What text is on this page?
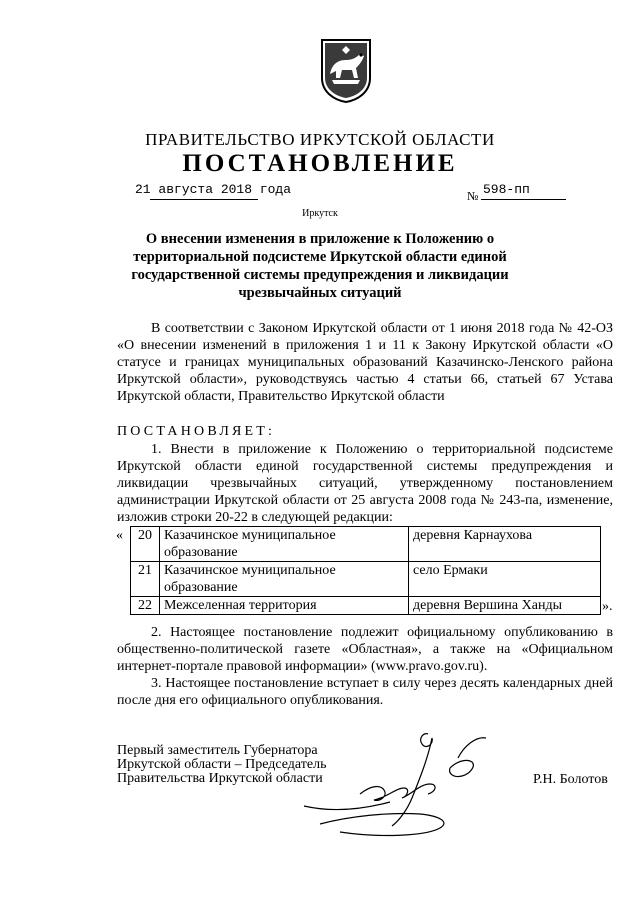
ПРАВИТЕЛЬСТВО ИРКУТСКОЙ ОБЛАСТИ
ПОСТАНОВЛЕНИЕ
21 августа 2018 года	№ 598-пп
Иркутск
О внесении изменения в приложение к Положению о территориальной подсистеме Иркутской области единой государственной системы предупреждения и ликвидации чрезвычайных ситуаций
В соответствии с Законом Иркутской области от 1 июня 2018 года № 42-ОЗ «О внесении изменений в приложения 1 и 11 к Закону Иркутской области «О статусе и границах муниципальных образований Казачинско-Ленского района Иркутской области», руководствуясь частью 4 статьи 66, статьей 67 Устава Иркутской области, Правительство Иркутской области
ПОСТАНОВЛЯЕТ:
1. Внести в приложение к Положению о территориальной подсистеме Иркутской области единой государственной системы предупреждения и ликвидации чрезвычайных ситуаций, утвержденному постановлением администрации Иркутской области от 25 августа 2008 года № 243-па, изменение, изложив строки 20-22 в следующей редакции:
« 20	Казачинское муниципальное образование	деревня Карнаухова
21	Казачинское муниципальное образование	село Ермаки
22	Межселенная территория	деревня Вершина Ханды	».
2. Настоящее постановление подлежит официальному опубликованию в общественно-политической газете «Областная», а также на «Официальном интернет-портале правовой информации» (www.pravo.gov.ru).
3. Настоящее постановление вступает в силу через десять календарных дней после дня его официального опубликования.
Первый заместитель Губернатора
Иркутской области – Председатель
Правительства Иркутской области	Р.Н. Болотов
